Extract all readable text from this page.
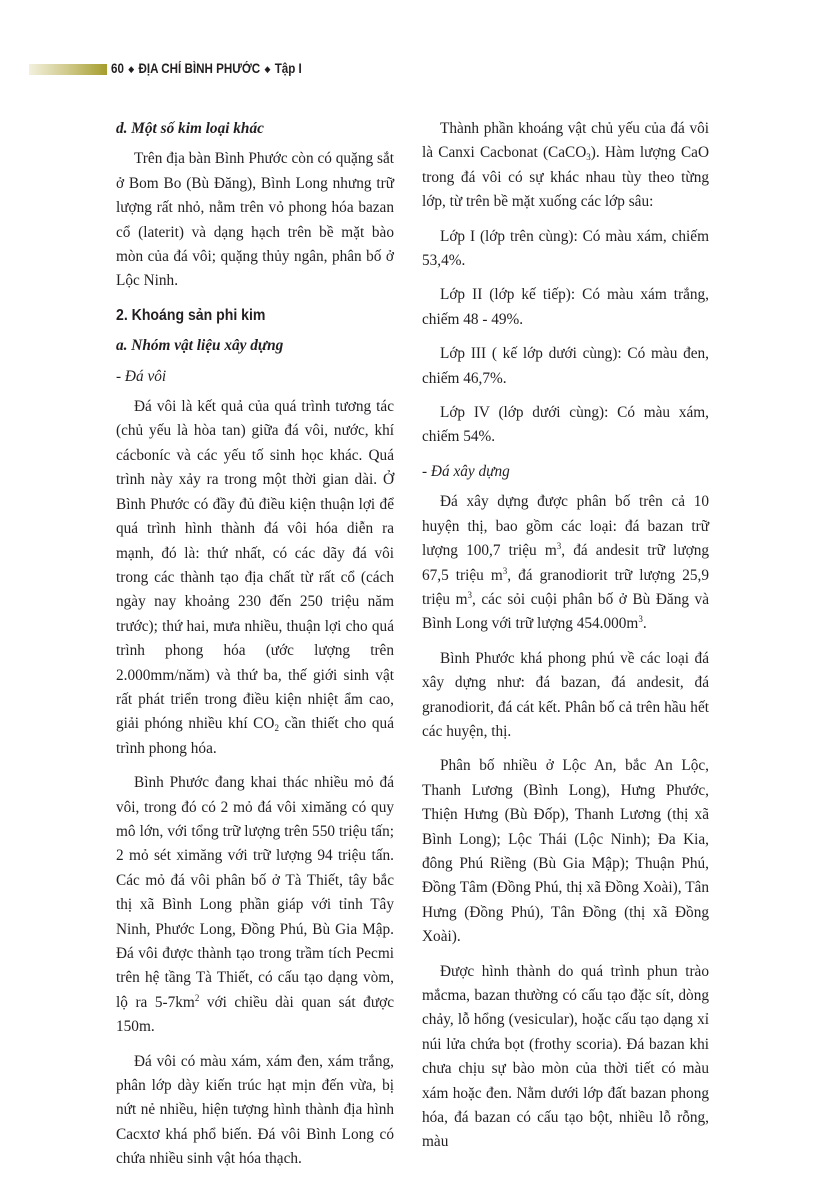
60 ◆ ĐỊA CHÍ BÌNH PHƯỚC ◆ Tập I

d. Một số kim loại khác

Trên địa bàn Bình Phước còn có quặng sắt ở Bom Bo (Bù Đăng), Bình Long nhưng trữ lượng rất nhỏ, nằm trên vỏ phong hóa bazan cổ (laterit) và dạng hạch trên bề mặt bào mòn của đá vôi; quặng thủy ngân, phân bố ở Lộc Ninh.

2. Khoáng sản phi kim

a. Nhóm vật liệu xây dựng

- Đá vôi

Đá vôi là kết quả của quá trình tương tác (chủ yếu là hòa tan) giữa đá vôi, nước, khí cácboníc và các yếu tố sinh học khác. Quá trình này xảy ra trong một thời gian dài. Ở Bình Phước có đầy đủ điều kiện thuận lợi để quá trình hình thành đá vôi hóa diễn ra mạnh, đó là: thứ nhất, có các dãy đá vôi trong các thành tạo địa chất từ rất cổ (cách ngày nay khoảng 230 đến 250 triệu năm trước); thứ hai, mưa nhiều, thuận lợi cho quá trình phong hóa (ước lượng trên 2.000mm/năm) và thứ ba, thế giới sinh vật rất phát triển trong điều kiện nhiệt ẩm cao, giải phóng nhiều khí $CO_2$ cần thiết cho quá trình phong hóa.

Bình Phước đang khai thác nhiều mỏ đá vôi, trong đó có 2 mỏ đá vôi ximăng có quy mô lớn, với tổng trữ lượng trên 550 triệu tấn; 2 mỏ sét ximăng với trữ lượng 94 triệu tấn. Các mỏ đá vôi phân bố ở Tà Thiết, tây bắc thị xã Bình Long phần giáp với tỉnh Tây Ninh, Phước Long, Đồng Phú, Bù Gia Mập. Đá vôi được thành tạo trong trầm tích Pecmi trên hệ tầng Tà Thiết, có cấu tạo dạng vòm, lộ ra $5-7km^2$ với chiều dài quan sát được 150m.

Đá vôi có màu xám, xám đen, xám trắng, phân lớp dày kiến trúc hạt mịn đến vừa, bị nứt nẻ nhiều, hiện tượng hình thành địa hình Cacxtơ khá phổ biến. Đá vôi Bình Long có chứa nhiều sinh vật hóa thạch.

Thành phần khoáng vật chủ yếu của đá vôi là Canxi Cacbonat (CaCO$_3$). Hàm lượng CaO trong đá vôi có sự khác nhau tùy theo từng lớp, từ trên bề mặt xuống các lớp sâu:

Lớp I (lớp trên cùng): Có màu xám, chiếm 53,4%.

Lớp II (lớp kế tiếp): Có màu xám trắng, chiếm 48 - 49%.

Lớp III ( kế lớp dưới cùng): Có màu đen, chiếm 46,7%.

Lớp IV (lớp dưới cùng): Có màu xám, chiếm 54%.

- Đá xây dựng

Đá xây dựng được phân bố trên cả 10 huyện thị, bao gồm các loại: đá bazan trữ lượng 100,7 triệu $m^3$, đá andesit trữ lượng 67,5 triệu $m^3$, đá granodiorit trữ lượng 25,9 triệu $m^3$, các sỏi cuội phân bố ở Bù Đăng và Bình Long với trữ lượng $454.000m^3$.

Bình Phước khá phong phú về các loại đá xây dựng như: đá bazan, đá andesit, đá granodiorit, đá cát kết. Phân bố cả trên hầu hết các huyện, thị.

Phân bố nhiều ở Lộc An, bắc An Lộc, Thanh Lương (Bình Long), Hưng Phước, Thiện Hưng (Bù Đốp), Thanh Lương (thị xã Bình Long); Lộc Thái (Lộc Ninh); Đa Kia, đông Phú Riềng (Bù Gia Mập); Thuận Phú, Đồng Tâm (Đồng Phú, thị xã Đồng Xoài), Tân Hưng (Đồng Phú), Tân Đồng (thị xã Đồng Xoài).

Được hình thành do quá trình phun trào mắcma, bazan thường có cấu tạo đặc sít, dòng chảy, lỗ hổng (vesicular), hoặc cấu tạo dạng xỉ núi lửa chứa bọt (frothy scoria). Đá bazan khi chưa chịu sự bào mòn của thời tiết có màu xám hoặc đen. Nằm dưới lớp đất bazan phong hóa, đá bazan có cấu tạo bột, nhiều lỗ rỗng, màu
